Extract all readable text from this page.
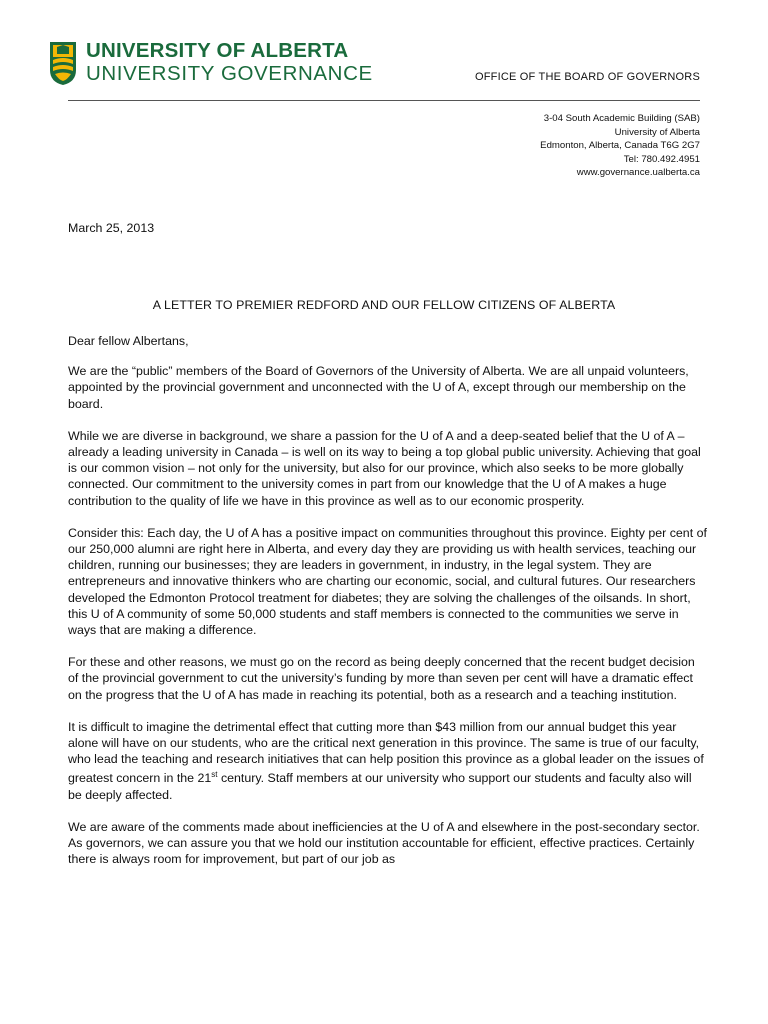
UNIVERSITY OF ALBERTA
UNIVERSITY GOVERNANCE	OFFICE OF THE BOARD OF GOVERNORS
3-04 South Academic Building (SAB)
University of Alberta
Edmonton, Alberta, Canada T6G 2G7
Tel: 780.492.4951
www.governance.ualberta.ca
March 25, 2013
A LETTER TO PREMIER REDFORD AND OUR FELLOW CITIZENS OF ALBERTA

Dear fellow Albertans,

We are the “public” members of the Board of Governors of the University of Alberta. We are all unpaid volunteers, appointed by the provincial government and unconnected with the U of A, except through our membership on the board.

While we are diverse in background, we share a passion for the U of A and a deep-seated belief that the U of A – already a leading university in Canada – is well on its way to being a top global public university. Achieving that goal is our common vision – not only for the university, but also for our province, which also seeks to be more globally connected. Our commitment to the university comes in part from our knowledge that the U of A makes a huge contribution to the quality of life we have in this province as well as to our economic prosperity.

Consider this: Each day, the U of A has a positive impact on communities throughout this province. Eighty per cent of our 250,000 alumni are right here in Alberta, and every day they are providing us with health services, teaching our children, running our businesses; they are leaders in government, in industry, in the legal system. They are entrepreneurs and innovative thinkers who are charting our economic, social, and cultural futures. Our researchers developed the Edmonton Protocol treatment for diabetes; they are solving the challenges of the oilsands. In short, this U of A community of some 50,000 students and staff members is connected to the communities we serve in ways that are making a difference.

For these and other reasons, we must go on the record as being deeply concerned that the recent budget decision of the provincial government to cut the university’s funding by more than seven per cent will have a dramatic effect on the progress that the U of A has made in reaching its potential, both as a research and a teaching institution.

It is difficult to imagine the detrimental effect that cutting more than $43 million from our annual budget this year alone will have on our students, who are the critical next generation in this province. The same is true of our faculty, who lead the teaching and research initiatives that can help position this province as a global leader on the issues of greatest concern in the 21st century. Staff members at our university who support our students and faculty also will be deeply affected.

We are aware of the comments made about inefficiencies at the U of A and elsewhere in the post-secondary sector. As governors, we can assure you that we hold our institution accountable for efficient, effective practices. Certainly there is always room for improvement, but part of our job as
